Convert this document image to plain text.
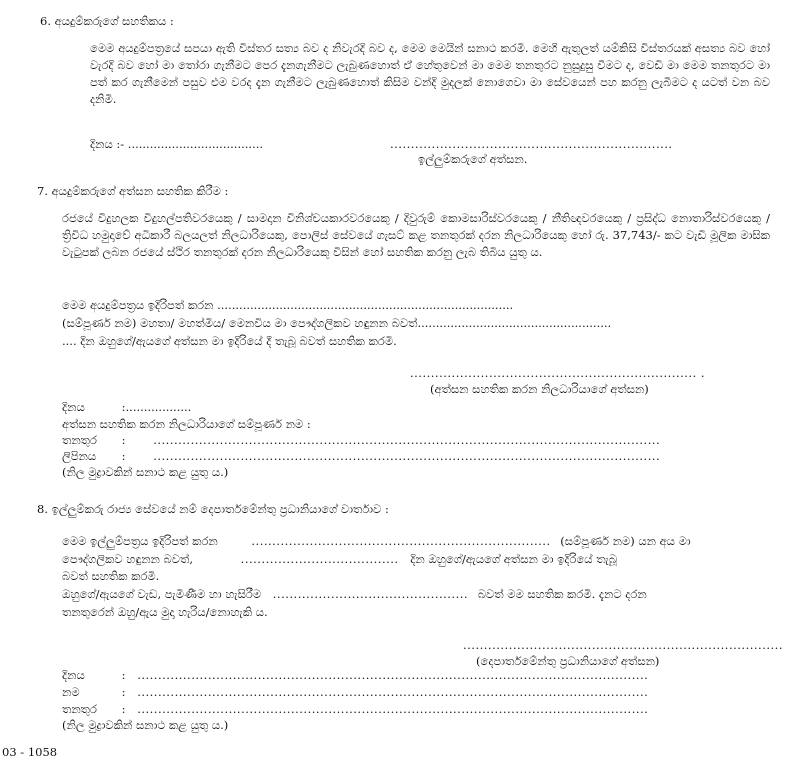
6. අයදුම්කරුගේ සහතිකය :
මෙම අයදුම්පත්‍රයේ සපයා ඇති විස්තර සත්‍ය බව ද නිවැරදි බව ද, මෙම මෙයින් සනාථ කරමි. මෙහි ඇතුලත් යම්කිසි විස්තරයක් අසත්‍ය බව හෝ වැරදි බව හෝ මා තෝරා ගැනීමට පෙර දැනගැනීමට ලැබුණහොත් ඒ හේතුවෙන් මා මෙම තනතුරට නුසුදුසු වීමට ද, වෙඩි මා මෙම තනතුරට මා පත් කර ගැනීමෙන් පසුව එම වරද දැන ගැනීමට ලැබුණහොත් කිසිම වන්දි මුදලක් නොගෙවා මා සේවයෙන් පහ කරනු ලැබීමට ද යටත් වන බව දනිමි.
දිනය :- .....................................	....................................................................
ඉල්ලුම්කරුගේ අත්සන.
7. අයදුම්කරුගේ අත්සන සහතික කිරීම :
රජයේ විදුහලක විදුහල්පතිවරයෙකු / සාමදාන විනිශ්චයකාරවරයෙකු / දිවුරුම් කොමසාරිස්වරයෙකු / නීතිඥවරයෙකු / ප්‍රසිද්ධ නොතාරිස්වරයෙකු / ත්‍රිවිධ හමුදාවේ අධිකාරී බලයලත් නිලධාරියෙකු, පොලිස් සේවයේ ගැසට් කළ තනතුරක් දරන නිලධාරියෙකු හෝ රු. 37,743/- කට වැඩි මූලික මාසික වැටුපක් ලබන රජයේ ස්ථිර තනතුරක් දරන නිලධාරියෙකු විසින් හෝ සහතික කරනු ලැබ තිබිය යුතු ය.
මෙම අයදුම්පත්‍රය ඉදිරිපත් කරන .................................................................................
(සම්පූර්ණ නම) මහතා/ මහත්මිය/ මෙනවිය මා පෞද්ගලිකව හඳුනන බවත්.....................................................
.... දින ඔහුගේ/ඇයගේ අත්සන මා ඉදිරියේ දී තැබූ බවත් සහතික කරමි.
..................................................................... .
(අත්සන සහතික කරන නිලධාරියාගේ අත්සන)
දිනය	:..................
අත්සන සහතික කරන නිලධාරියාගේ සම්පූර්ණ නම :
තනතුර : ..........................................................................................................................
ලිපිනය : ..........................................................................................................................
(නිල මුද්‍රාවකින් සනාථ කළ යුතු ය.)
8. ඉල්ලුම්කරු රාජ්‍ය සේවයේ නම් දෙපාර්තමේන්තු ප්‍රධානියාගේ වාර්තාව :
මෙම ඉල්ලුම්පත්‍රය ඉදිරිපත් කරන	........................................................................ (සම්පූර්ණ නම) යන අය මා
පෞද්ගලිකව හඳුනන බවත්,	...................................... දින ඔහුගේ/ඇයගේ අත්සන මා ඉදිරියේ තැබූ
බවත් සහතික කරමි.
ඔහුගේ/ඇයගේ වැඩ, පැමිණීම හා හැසිරීම ............................................... බවත් මම සහතික කරමි. දැනට දරන
තනතුරෙන් ඔහු/ඇය මුදා හැරිය/නොහැකි ය.
.............................................................................
(දෙපාර්තමේන්තු ප්‍රධානියාගේ අත්සන)
දිනය	: ...........................................................................................................................
නම	: ...........................................................................................................................
තනතුර : ...........................................................................................................................
(නිල මුද්‍රාවකින් සනාථ කළ යුතු ය.)
03 - 1058
